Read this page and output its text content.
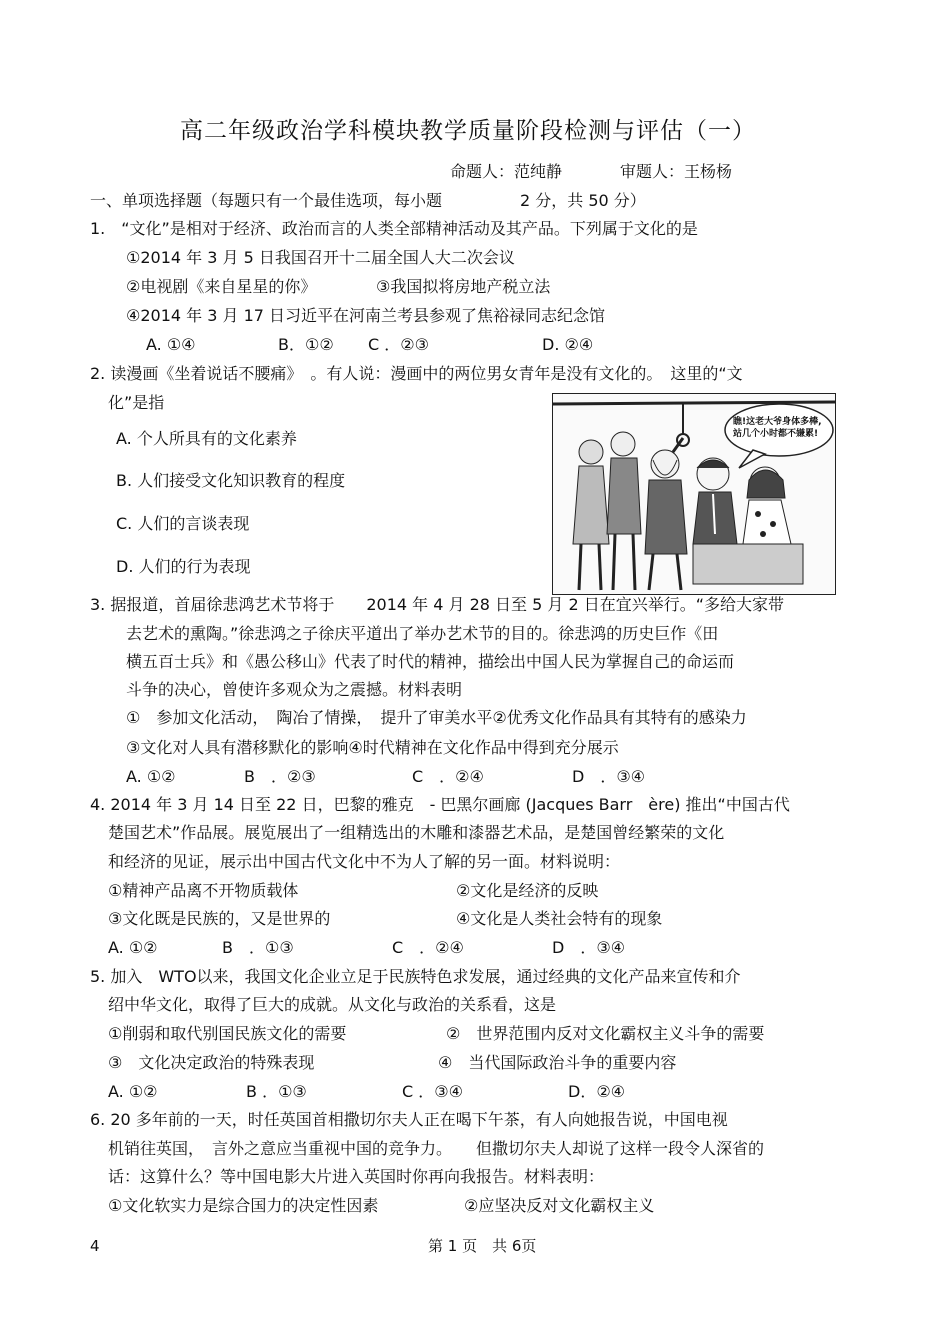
高二年级政治学科模块教学质量阶段检测与评估（一）
命题人：范纯静	审题人：王杨杨
一、单项选择题（每题只有一个最佳选项，每小题	2 分，共 50 分）
1.　“文化”是相对于经济、政治而言的人类全部精神活动及其产品。下列属于文化的是
①2014 年 3 月 5 日我国召开十二届全国人大二次会议
②电视剧《来自星星的你》	③我国拟将房地产税立法
④2014 年 3 月 17 日习近平在河南兰考县参观了焦裕禄同志纪念馆
A. ①④	B．①② C ．②③	D. ②④
2. 读漫画《坐着说话不腰痛》　。有人说：漫画中的两位男女青年是没有文化的。　这里的“文
化”是指
A. 个人所具有的文化素养
B. 人们接受文化知识教育的程度
C. 人们的言谈表现
D. 人们的行为表现
瞧!这老大爷身体多棒,站几个小时都不嫌累!
3. 据报道，首届徐悲鸿艺术节将于　　2014 年 4 月 28 日至 5 月 2 日在宜兴举行。“多给大家带
去艺术的熏陶。”徐悲鸿之子徐庆平道出了举办艺术节的目的。徐悲鸿的历史巨作《田
横五百士兵》和《愚公移山》代表了时代的精神，描绘出中国人民为掌握自己的命运而
斗争的决心，曾使许多观众为之震撼。材料表明
①　参加文化活动，　陶冶了情操，　提升了审美水平②优秀文化作品具有其特有的感染力
③文化对人具有潜移默化的影响④时代精神在文化作品中得到充分展示
A. ①②	B　．②③	C　．②④	D　．③④
4. 2014 年 3 月 14 日至 22 日，巴黎的雅克　- 巴黑尔画廊 (Jacques Barr　ère) 推出“中国古代
楚国艺术”作品展。展览展出了一组精选出的木雕和漆器艺术品，是楚国曾经繁荣的文化
和经济的见证，展示出中国古代文化中不为人了解的另一面。材料说明：
①精神产品离不开物质载体	②文化是经济的反映
③文化既是民族的，又是世界的	④文化是人类社会特有的现象
A. ①②	B　．①③	C　．②④	D　．③④
5. 加入　WTO以来，我国文化企业立足于民族特色求发展，通过经典的文化产品来宣传和介
绍中华文化，取得了巨大的成就。从文化与政治的关系看，这是
①削弱和取代别国民族文化的需要	②　世界范围内反对文化霸权主义斗争的需要
③　文化决定政治的特殊表现	④　当代国际政治斗争的重要内容
A. ①②	B ．①③	C ．③④	D．②④
6. 20 多年前的一天，时任英国首相撒切尔夫人正在喝下午茶，有人向她报告说，中国电视
机销往英国，　言外之意应当重视中国的竞争力。　　但撒切尔夫人却说了这样一段令人深省的
话：这算什么？等中国电影大片进入英国时你再向我报告。材料表明：
①文化软实力是综合国力的决定性因素	②应坚决反对文化霸权主义
4	第 1 页　共 6页
